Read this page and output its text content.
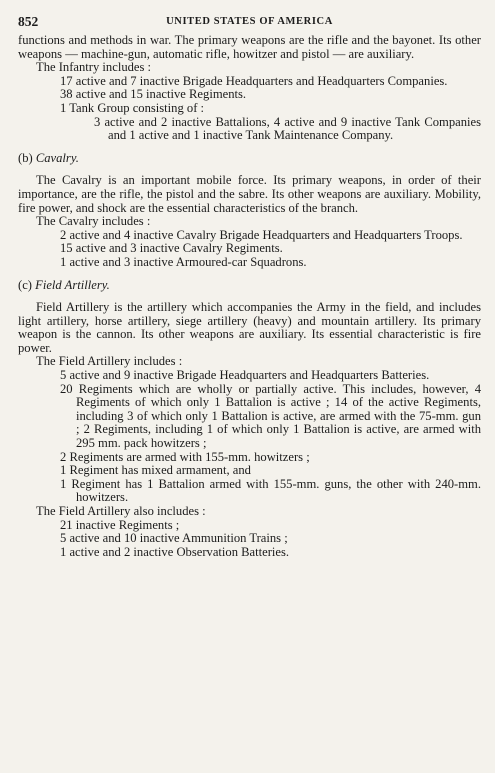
852	UNITED STATES OF AMERICA

functions and methods in war. The primary weapons are the rifle and the bayonet. Its other weapons — machine-gun, automatic rifle, howitzer and pistol — are auxiliary.

The Infantry includes :

17 active and 7 inactive Brigade Headquarters and Headquarters Companies.

38 active and 15 inactive Regiments.

1 Tank Group consisting of :

3 active and 2 inactive Battalions, 4 active and 9 inactive Tank Companies and 1 active and 1 inactive Tank Maintenance Company.

(b) Cavalry.

The Cavalry is an important mobile force. Its primary weapons, in order of their importance, are the rifle, the pistol and the sabre. Its other weapons are auxiliary. Mobility, fire power, and shock are the essential characteristics of the branch.

The Cavalry includes :

2 active and 4 inactive Cavalry Brigade Headquarters and Headquarters Troops.

15 active and 3 inactive Cavalry Regiments.

1 active and 3 inactive Armoured-car Squadrons.

(c) Field Artillery.

Field Artillery is the artillery which accompanies the Army in the field, and includes light artillery, horse artillery, siege artillery (heavy) and mountain artillery. Its primary weapon is the cannon. Its other weapons are auxiliary. Its essential characteristic is fire power.

The Field Artillery includes :

5 active and 9 inactive Brigade Headquarters and Headquarters Batteries.

20 Regiments which are wholly or partially active. This includes, however, 4 Regiments of which only 1 Battalion is active ; 14 of the active Regiments, including 3 of which only 1 Battalion is active, are armed with the 75-mm. gun ; 2 Regiments, including 1 of which only 1 Battalion is active, are armed with 295 mm. pack howitzers ;

2 Regiments are armed with 155-mm. howitzers ;

1 Regiment has mixed armament, and

1 Regiment has 1 Battalion armed with 155-mm. guns, the other with 240-mm. howitzers.

The Field Artillery also includes :

21 inactive Regiments ;

5 active and 10 inactive Ammunition Trains ;

1 active and 2 inactive Observation Batteries.
